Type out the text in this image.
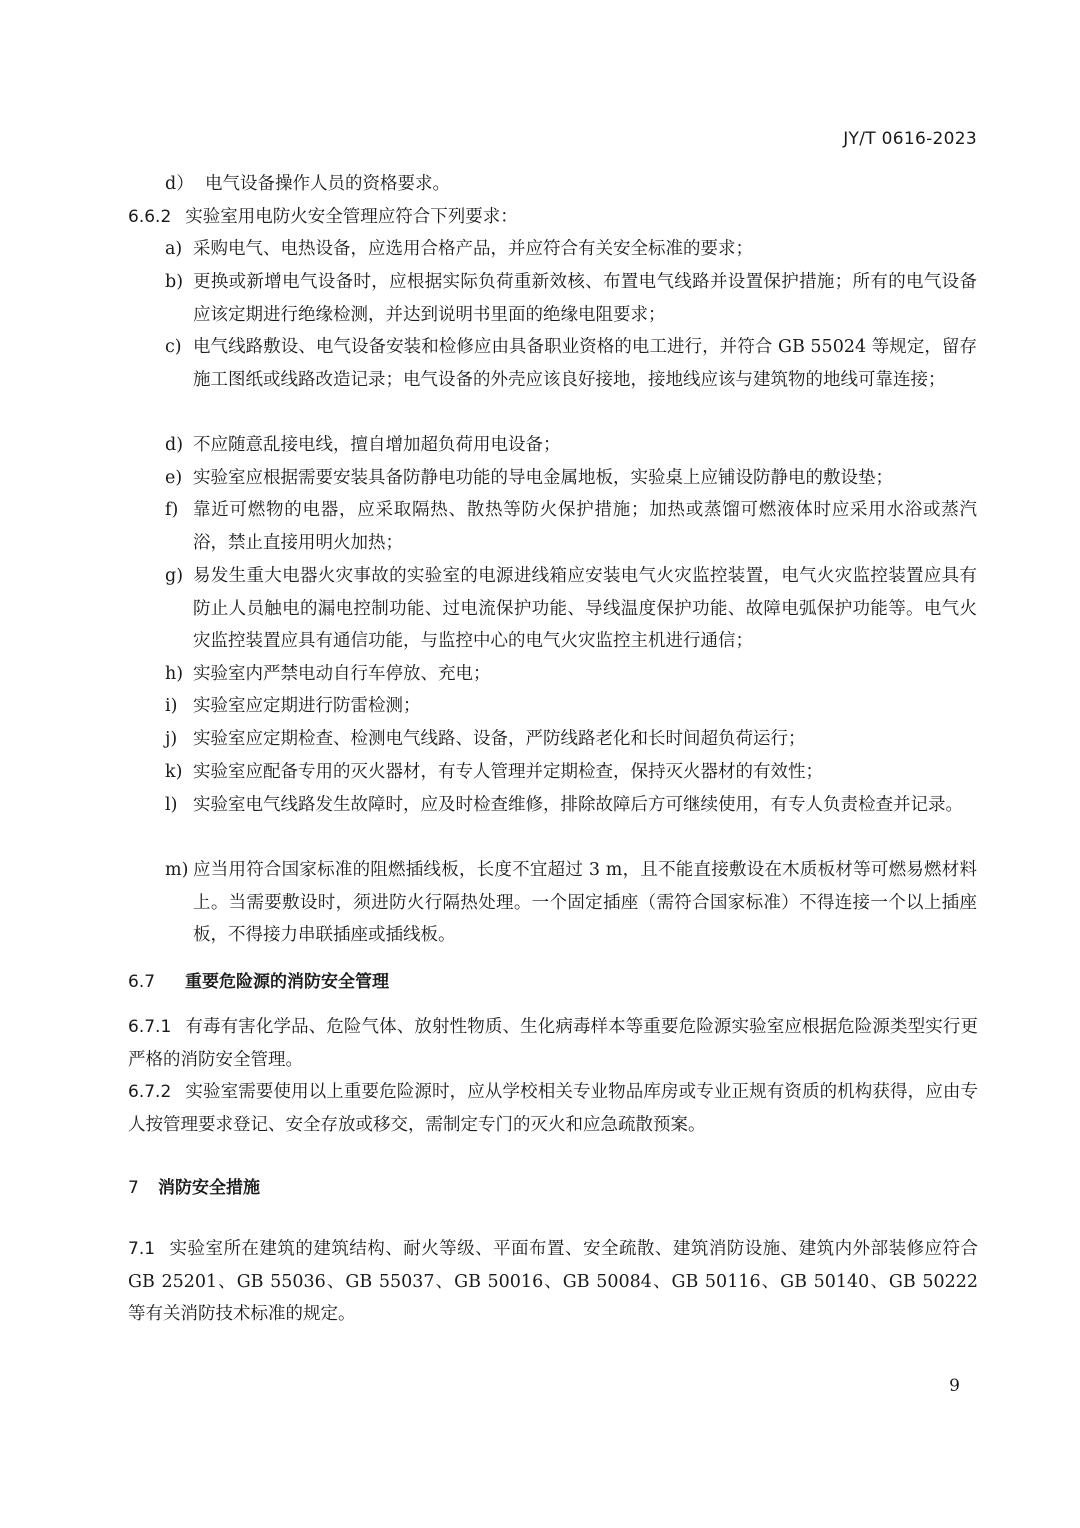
JY/T 0616-2023
d） 电气设备操作人员的资格要求。

6.6.2 实验室用电防火安全管理应符合下列要求：

a) 采购电气、电热设备，应选用合格产品，并应符合有关安全标准的要求；
b) 更换或新增电气设备时，应根据实际负荷重新效核、布置电气线路并设置保护措施；所有的电气设备应该定期进行绝缘检测，并达到说明书里面的绝缘电阻要求；
c) 电气线路敷设、电气设备安装和检修应由具备职业资格的电工进行，并符合 GB 55024 等规定，留存施工图纸或线路改造记录；电气设备的外壳应该良好接地，接地线应该与建筑物的地线可靠连接；
d) 不应随意乱接电线，擅自增加超负荷用电设备；
e) 实验室应根据需要安装具备防静电功能的导电金属地板，实验桌上应铺设防静电的敷设垫；
f) 靠近可燃物的电器，应采取隔热、散热等防火保护措施；加热或蒸馏可燃液体时应采用水浴或蒸汽浴，禁止直接用明火加热；
g) 易发生重大电器火灾事故的实验室的电源进线箱应安装电气火灾监控装置，电气火灾监控装置应具有防止人员触电的漏电控制功能、过电流保护功能、导线温度保护功能、故障电弧保护功能等。电气火灾监控装置应具有通信功能，与监控中心的电气火灾监控主机进行通信；
h) 实验室内严禁电动自行车停放、充电；
i) 实验室应定期进行防雷检测；
j) 实验室应定期检查、检测电气线路、设备，严防线路老化和长时间超负荷运行；
k) 实验室应配备专用的灭火器材，有专人管理并定期检查，保持灭火器材的有效性；
l) 实验室电气线路发生故障时，应及时检查维修，排除故障后方可继续使用，有专人负责检查并记录。
m) 应当用符合国家标准的阻燃插线板，长度不宜超过 3 m，且不能直接敷设在木质板材等可燃易燃材料上。当需要敷设时，须进防火行隔热处理。一个固定插座（需符合国家标准）不得连接一个以上插座板，不得接力串联插座或插线板。
6.7 重要危险源的消防安全管理

6.7.1 有毒有害化学品、危险气体、放射性物质、生化病毒样本等重要危险源实验室应根据危险源类型实行更严格的消防安全管理。

6.7.2 实验室需要使用以上重要危险源时，应从学校相关专业物品库房或专业正规有资质的机构获得，应由专人按管理要求登记、安全存放或移交，需制定专门的灭火和应急疏散预案。

7 消防安全措施

7.1 实验室所在建筑的建筑结构、耐火等级、平面布置、安全疏散、建筑消防设施、建筑内外部装修应符合 GB 25201、GB 55036、GB 55037、GB 50016、GB 50084、GB 50116、GB 50140、GB 50222 等有关消防技术标准的规定。

9
